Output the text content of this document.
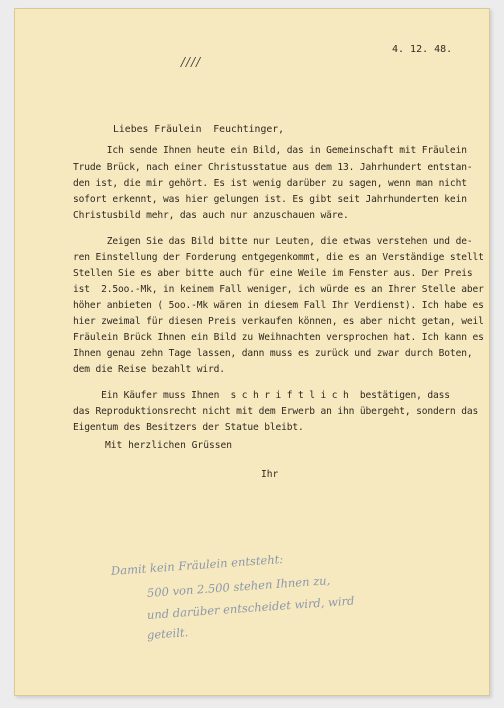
////
4. 12. 48.
Liebes Fräulein  Feuchtinger,
Ich sende Ihnen heute ein Bild, das in Gemeinschaft mit Fräulein
Trude Brück, nach einer Christusstatue aus dem 13. Jahrhundert entstan-
den ist, die mir gehört. Es ist wenig darüber zu sagen, wenn man nicht
sofort erkennt, was hier gelungen ist. Es gibt seit Jahrhunderten kein
Christusbild mehr, das auch nur anzuschauen wäre.
Zeigen Sie das Bild bitte nur Leuten, die etwas verstehen und de-
ren Einstellung der Forderung entgegenkommt, die es an Verständige stellt
Stellen Sie es aber bitte auch für eine Weile im Fenster aus. Der Preis
ist  2.5oo.-Mk, in keinem Fall weniger, ich würde es an Ihrer Stelle aber
höher anbieten ( 5oo.-Mk wären in diesem Fall Ihr Verdienst). Ich habe es
hier zweimal für diesen Preis verkaufen können, es aber nicht getan, weil
Fräulein Brück Ihnen ein Bild zu Weihnachten versprochen hat. Ich kann es
Ihnen genau zehn Tage lassen, dann muss es zurück und zwar durch Boten,
dem die Reise bezahlt wird.
Ein Käufer muss Ihnen  s c h r i f t l i c h  bestätigen, dass
das Reproduktionsrecht nicht mit dem Erwerb an ihn übergeht, sondern das
Eigentum des Besitzers der Statue bleibt.
Mit herzlichen Grüssen
Ihr
Damit kein Fräulein entsteht:
500 von 2.500 stehen Ihnen zu,
und darüber entscheidet wird, wird
geteilt.
